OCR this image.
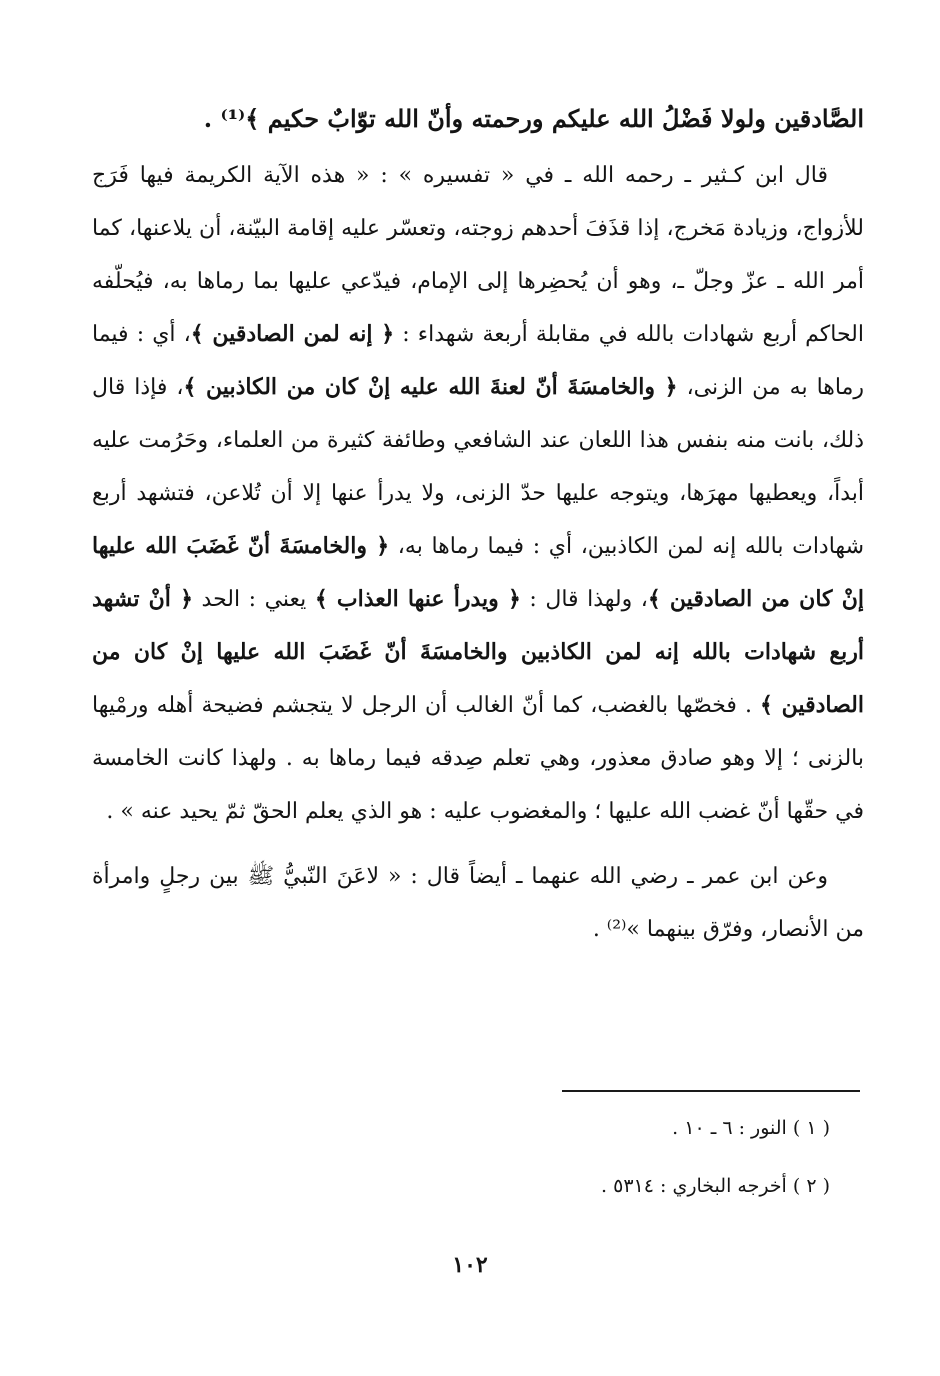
الصَّادقين ولولا فَضْلُ الله عليكم ورحمته وأنّ الله توّابٌ حكيم ﴾⁽¹⁾ .

قال ابن كـثير ـ رحمه الله ـ في « تفسيره » : « هذه الآية الكريمة فيها فَرَج للأزواج، وزيادة مَخرج، إذا قذَفَ أحدهم زوجته، وتعسّر عليه إقامة البيّنة، أن يلاعنها، كما أمر الله ـ عزّ وجلّ ـ، وهو أن يُحضِرها إلى الإمام، فيدّعي عليها بما رماها به، فيُحلّفه الحاكم أربع شهادات بالله في مقابلة أربعة شهداء : ﴿ إنه لمن الصادقين ﴾، أي : فيما رماها به من الزنى، ﴿ والخامسَةَ أنّ لعنةَ الله عليه إنْ كان من الكاذبين ﴾، فإذا قال ذلك، بانت منه بنفس هذا اللعان عند الشافعي وطائفة كثيرة من العلماء، وحَرُمت عليه أبداً، ويعطيها مهرَها، ويتوجه عليها حدّ الزنى، ولا يدرأ عنها إلا أن تُلاعن، فتشهد أربع شهادات بالله إنه لمن الكاذبين، أي : فيما رماها به، ﴿ والخامسَةَ أنّ غَضَبَ الله عليها إنْ كان من الصادقين ﴾، ولهذا قال : ﴿ ويدرأ عنها العذاب ﴾ يعني : الحد ﴿ أنْ تشهد أربع شهادات بالله إنه لمن الكاذبين والخامسَةَ أنّ غَضَبَ الله عليها إنْ كان من الصادقين ﴾ . فخصّها بالغضب، كما أنّ الغالب أن الرجل لا يتجشم فضيحة أهله ورمْيها بالزنى ؛ إلا وهو صادق معذور، وهي تعلم صِدقه فيما رماها به . ولهذا كانت الخامسة في حقّها أنّ غضب الله عليها ؛ والمغضوب عليه : هو الذي يعلم الحقّ ثمّ يحيد عنه » .

وعن ابن عمر ـ رضي الله عنهما ـ أيضاً قال : « لاعَنَ النّبيُّ ﷺ بين رجلٍ وامرأة من الأنصار، وفرّق بينهما »⁽²⁾ .

( ١ ) النور : ٦ ـ ١٠ .

( ٢ ) أخرجه البخاري : ٥٣١٤ .

١٠٢
